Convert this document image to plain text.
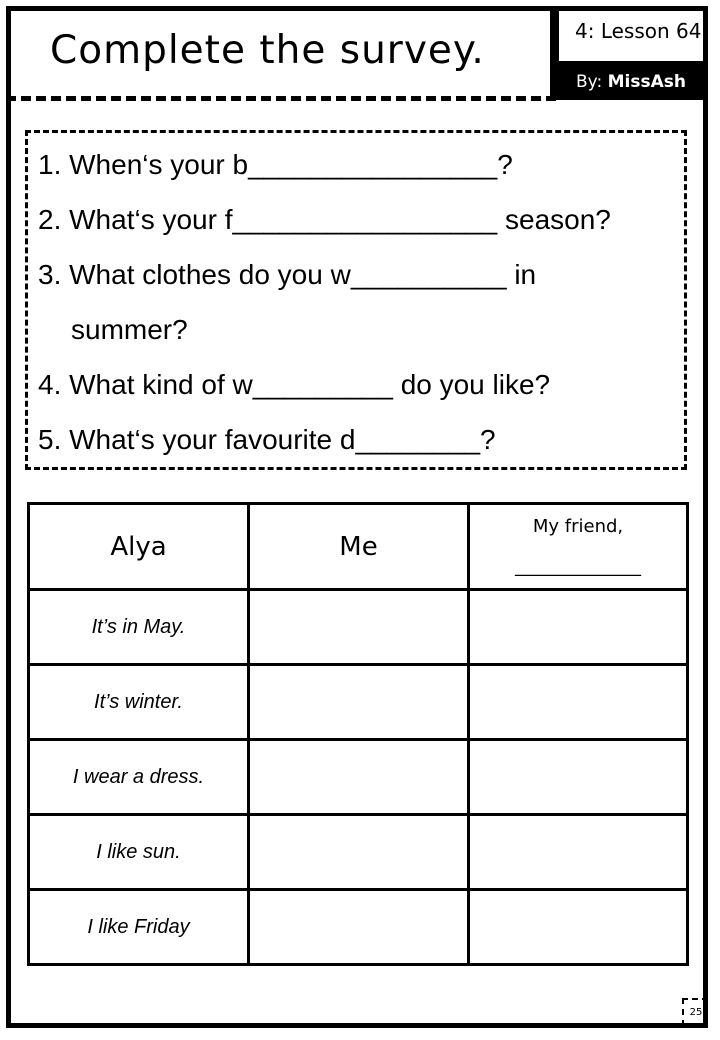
Complete the survey.	4: Lesson 64
By: MissAsh
1. When‘s your b________________?
2. What‘s your f_________________ season?
3. What clothes do you w__________ in
summer?
4. What kind of w_________ do you like?
5. What‘s your favourite d________?
Alya	Me	My friend,
______________

It’s in May.		
It’s winter.		
I wear a dress.		
I like sun.		
I like Friday		
25
